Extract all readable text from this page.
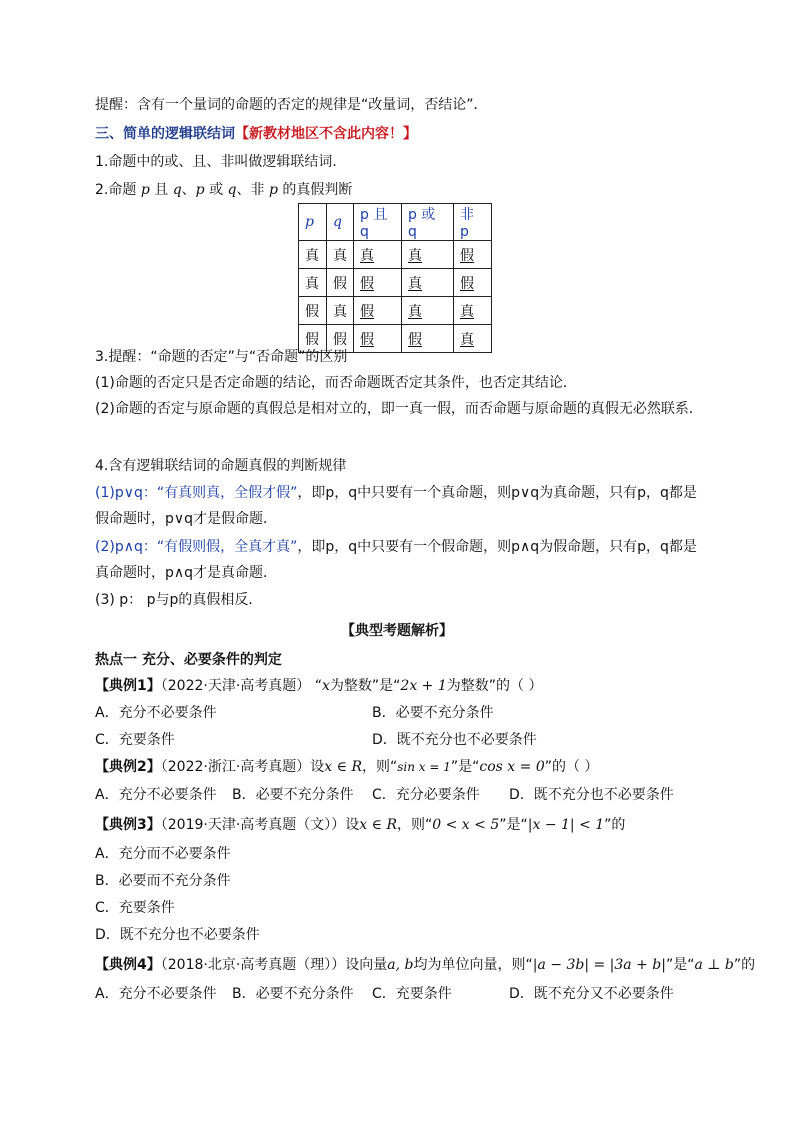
提醒：含有一个量词的命题的否定的规律是“改量词，否结论”．
三、简单的逻辑联结词【新教材地区不含此内容！】
1.命题中的或、且、非叫做逻辑联结词．
2.命题 p 且 q、p 或 q、非 p 的真假判断
p	q	p 且 q	p 或 q	非 p
真	真	真	真	假
真	假	假	真	假
假	真	假	真	真
假	假	假	假	真
3.提醒：“命题的否定”与“否命题”的区别
(1)命题的否定只是否定命题的结论，而否命题既否定其条件，也否定其结论．
(2)命题的否定与原命题的真假总是相对立的，即一真一假，而否命题与原命题的真假无必然联系．
4.含有逻辑联结词的命题真假的判断规律
(1)p∨q：“有真则真，全假才假”，即p，q中只要有一个真命题，则p∨q为真命题，只有p，q都是假命题时，p∨q才是假命题．
(2)p∧q：“有假则假，全真才真”，即p，q中只要有一个假命题，则p∧q为假命题，只有p，q都是真命题时，p∧q才是真命题．
(3) p： p与p的真假相反．
【典型考题解析】
热点一 充分、必要条件的判定
【典例1】（2022·天津·高考真题） “x为整数”是“2x + 1为整数”的（ ）
A．充分不必要条件	B．必要不充分条件
C．充要条件	D．既不充分也不必要条件
【典例2】（2022·浙江·高考真题）设x ∈ R，则“sin x = 1”是“cos x = 0”的（ ）
A．充分不必要条件 B．必要不充分条件 C．充分必要条件 D．既不充分也不必要条件
【典例3】（2019·天津·高考真题（文））设x ∈ R，则“0 < x < 5”是“|x − 1| < 1”的
A．充分而不必要条件
B．必要而不充分条件
C．充要条件
D．既不充分也不必要条件
【典例4】（2018·北京·高考真题（理））设向量a, b均为单位向量，则“|a − 3b| = |3a + b|”是“a ⊥ b”的
A．充分不必要条件 B．必要不充分条件 C．充要条件	D．既不充分又不必要条件
